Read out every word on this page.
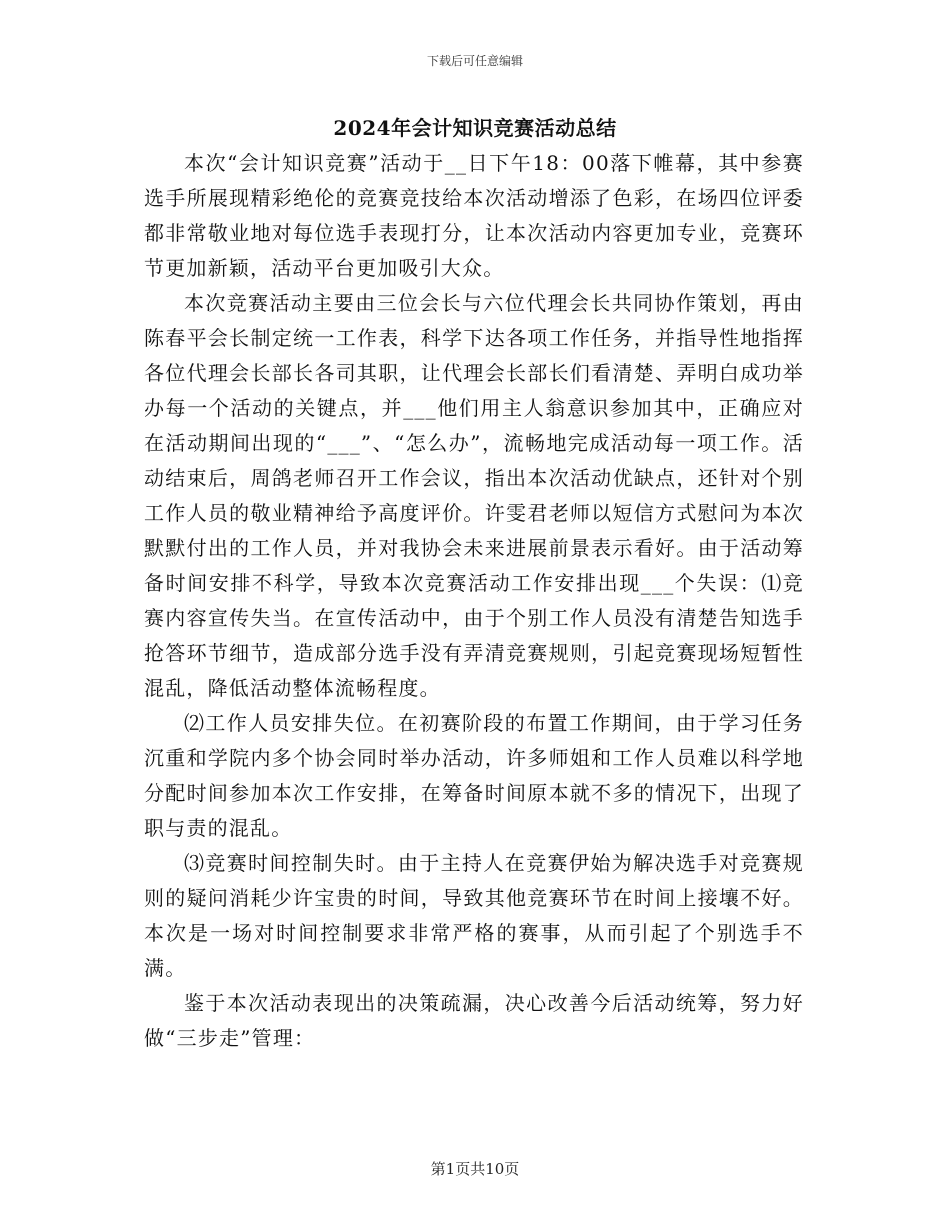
下载后可任意编辑
2024年会计知识竞赛活动总结

本次“会计知识竞赛”活动于__日下午18：00落下帷幕，其中参赛选手所展现精彩绝伦的竞赛竞技给本次活动增添了色彩，在场四位评委都非常敬业地对每位选手表现打分，让本次活动内容更加专业，竞赛环节更加新颖，活动平台更加吸引大众。

本次竞赛活动主要由三位会长与六位代理会长共同协作策划，再由陈春平会长制定统一工作表，科学下达各项工作任务，并指导性地指挥各位代理会长部长各司其职，让代理会长部长们看清楚、弄明白成功举办每一个活动的关键点，并___他们用主人翁意识参加其中，正确应对在活动期间出现的“___”、“怎么办”，流畅地完成活动每一项工作。活动结束后，周鸽老师召开工作会议，指出本次活动优缺点，还针对个别工作人员的敬业精神给予高度评价。许雯君老师以短信方式慰问为本次默默付出的工作人员，并对我协会未来进展前景表示看好。由于活动筹备时间安排不科学，导致本次竞赛活动工作安排出现___个失误：⑴竞赛内容宣传失当。在宣传活动中，由于个别工作人员没有清楚告知选手抢答环节细节，造成部分选手没有弄清竞赛规则，引起竞赛现场短暂性混乱，降低活动整体流畅程度。

⑵工作人员安排失位。在初赛阶段的布置工作期间，由于学习任务沉重和学院内多个协会同时举办活动，许多师姐和工作人员难以科学地分配时间参加本次工作安排，在筹备时间原本就不多的情况下，出现了职与责的混乱。

⑶竞赛时间控制失时。由于主持人在竞赛伊始为解决选手对竞赛规则的疑问消耗少许宝贵的时间，导致其他竞赛环节在时间上接壤不好。本次是一场对时间控制要求非常严格的赛事，从而引起了个别选手不满。

鉴于本次活动表现出的决策疏漏，决心改善今后活动统筹，努力好做“三步走”管理：

第1页共10页
